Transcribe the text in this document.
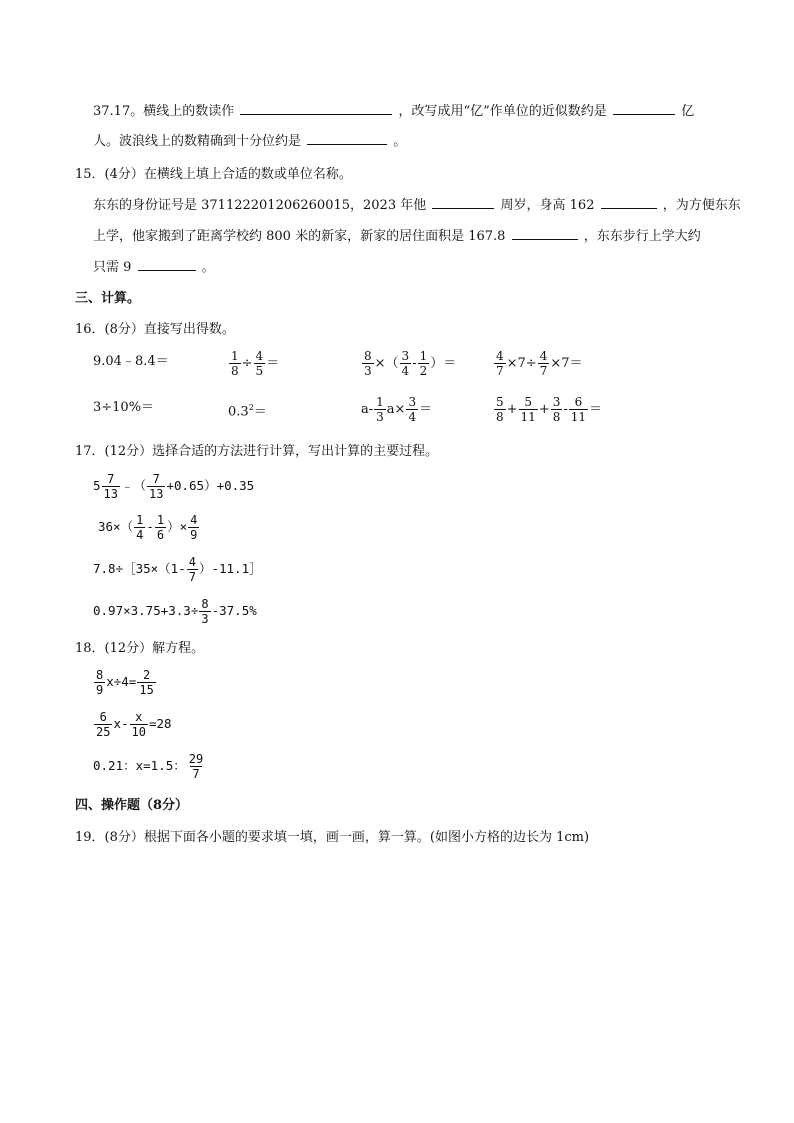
37.17。横线上的数读作	，改写成用“亿”作单位的近似数约是	亿
人。波浪线上的数精确到十分位约是	。
15．(4分）在横线上填上合适的数或单位名称。
东东的身份证号是 371122201206260015，2023 年他	周岁，身高 162	，为方便东东
上学，他家搬到了距离学校约 800 米的新家，新家的居住面积是 167.8	，东东步行上学大约
只需 9	。
三、计算。
16．(8分）直接写出得数。
9.04﹣8.4＝	$\frac{1}{8} \div \frac{4}{5}$ ＝	$\frac{8}{3}$ ×（ $\frac{3}{4} - \frac{1}{2}$ ）＝	$\frac{4}{7} \times 7\div \frac{4}{7} \times 7=$
3÷10%＝	$0.3^2=$	$a- \frac{1}{3} a\times \frac{3}{4}$ ＝	$\frac{5}{8} + \frac{5}{11} + \frac{3}{8} - \frac{6}{11}$ ＝
17．(12分）选择合适的方法进行计算，写出计算的主要过程。
$5 \frac{7}{13}$ ﹣（ $\frac{7}{13} +0.65)+0.35$
$36\times( \frac{1}{4} - \frac{1}{6}$ ）× $\frac{4}{9}$
7.8÷［35×（1- $\frac{4}{7}$ ）-11.1］
$0.97\times 3.75+3.3\div \frac{8}{3} -37.5\%$
18．(12分）解方程。
$\frac{8}{9} x\div 4= \frac{2}{15}$
$\frac{6}{25} x- \frac{x}{10} =28$
0.21：x=1.5： $\frac{29}{7}$
四、操作题（8分）
19．(8分）根据下面各小题的要求填一填，画一画，算一算。(如图小方格的边长为 1cm)
